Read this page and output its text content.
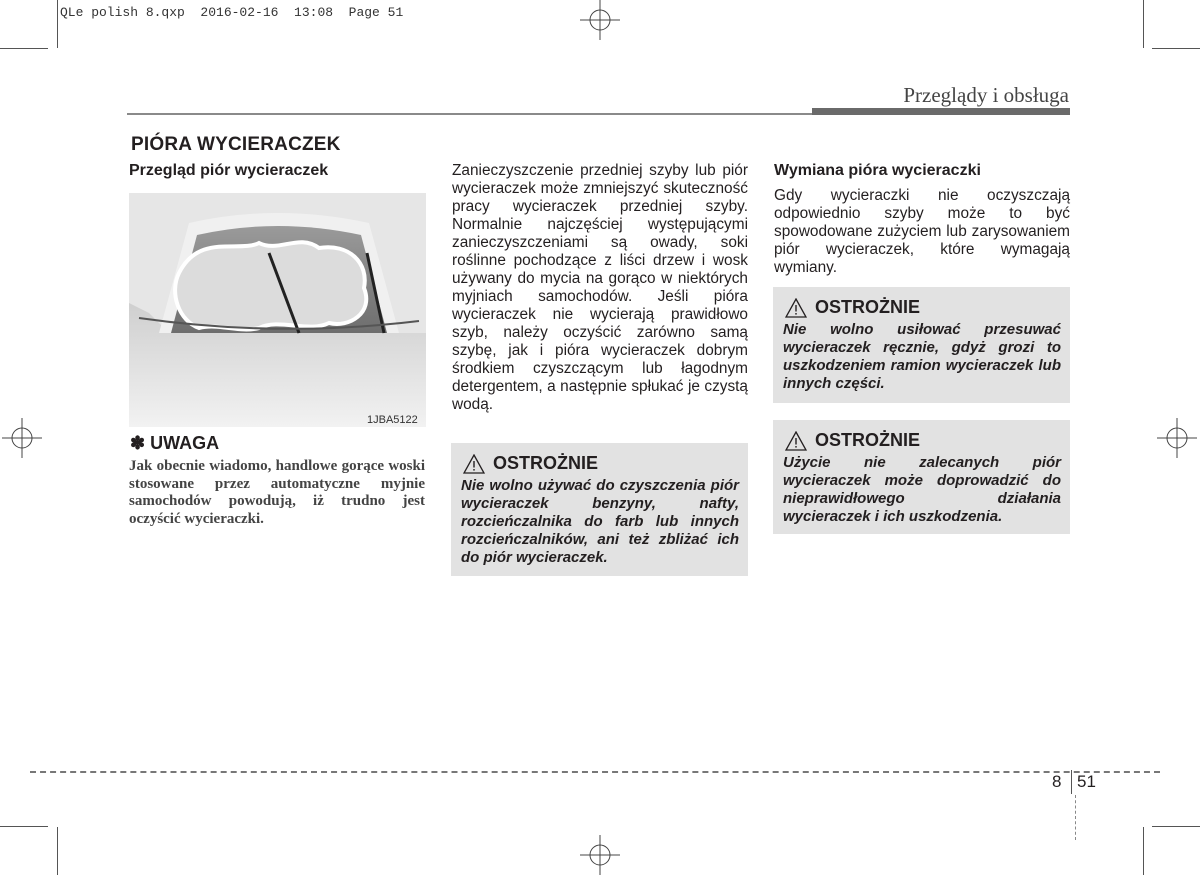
QLe polish 8.qxp  2016-02-16  13:08  Page 51
Przeglądy i obsługa
PIÓRA WYCIERACZEK
Przegląd piór wycieraczek
1JBA5122
✽ UWAGA
Jak obecnie wiadomo, handlowe gorące woski stosowane przez automatyczne myjnie samochodów powodują, iż trudno jest oczyścić wycieraczki.
Zanieczyszczenie przedniej szyby lub piór wycieraczek może zmniejszyć skuteczność pracy wycieraczek przedniej szyby. Normalnie najczęściej występującymi zanieczyszczeniami są owady, soki roślinne pochodzące z liści drzew i wosk używany do mycia na gorąco w niektórych myjniach samochodów. Jeśli pióra wycieraczek nie wycierają prawidłowo szyb, należy oczyścić zarówno samą szybę, jak i pióra wycieraczek dobrym środkiem czyszczącym lub łagodnym detergentem, a następnie spłukać je czystą wodą.
OSTROŻNIE
Nie wolno używać do czyszczenia piór wycieraczek benzyny, nafty, rozcieńczalnika do farb lub innych rozcieńczalników, ani też zbliżać ich do piór wycieraczek.
Wymiana pióra wycieraczki
Gdy wycieraczki nie oczyszczają odpowiednio szyby może to być spowodowane zużyciem lub zarysowaniem piór wycieraczek, które wymagają wymiany.
OSTROŻNIE
Nie wolno usiłować przesuwać wycieraczek ręcznie, gdyż grozi to uszkodzeniem ramion wycieraczek lub innych części.
OSTROŻNIE
Użycie nie zalecanych piór wycieraczek może doprowadzić do nieprawidłowego działania wycieraczek i ich uszkodzenia.
8 51
